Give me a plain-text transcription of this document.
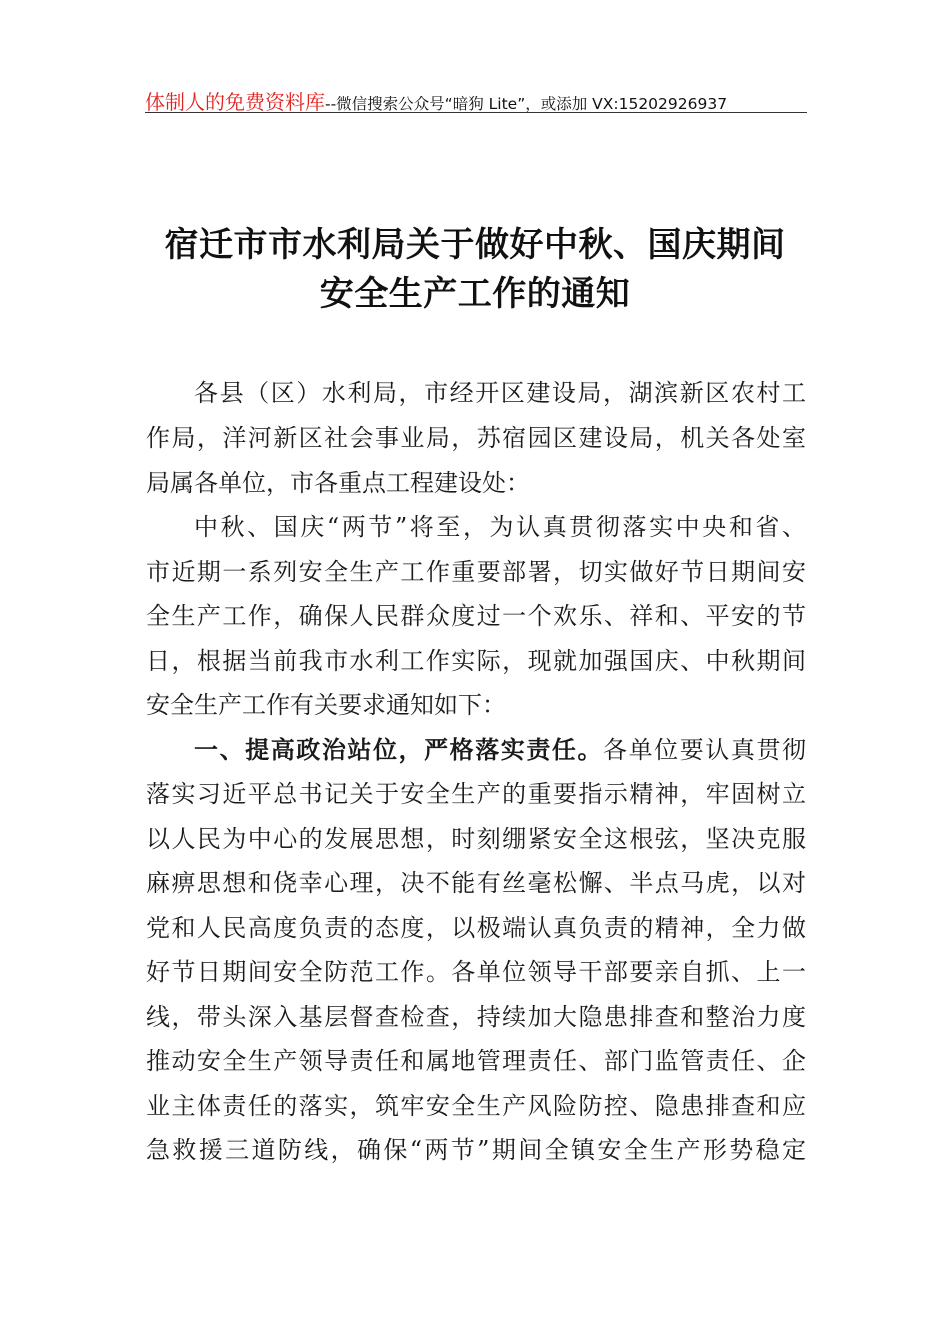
体制人的免费资料库--微信搜索公众号“暗狗 Lite”，或添加 VX:15202926937
宿迁市市水利局关于做好中秋、国庆期间
安全生产工作的通知
各县（区）水利局，市经开区建设局，湖滨新区农村工
作局，洋河新区社会事业局，苏宿园区建设局，机关各处室
局属各单位，市各重点工程建设处：
中秋、国庆“两节”将至，为认真贯彻落实中央和省、
市近期一系列安全生产工作重要部署，切实做好节日期间安
全生产工作，确保人民群众度过一个欢乐、祥和、平安的节
日，根据当前我市水利工作实际，现就加强国庆、中秋期间
安全生产工作有关要求通知如下：
一、提高政治站位，严格落实责任。各单位要认真贯彻
落实习近平总书记关于安全生产的重要指示精神，牢固树立
以人民为中心的发展思想，时刻绷紧安全这根弦，坚决克服
麻痹思想和侥幸心理，决不能有丝毫松懈、半点马虎，以对
党和人民高度负责的态度，以极端认真负责的精神，全力做
好节日期间安全防范工作。各单位领导干部要亲自抓、上一
线，带头深入基层督查检查，持续加大隐患排查和整治力度
推动安全生产领导责任和属地管理责任、部门监管责任、企
业主体责任的落实，筑牢安全生产风险防控、隐患排查和应
急救援三道防线，确保“两节”期间全镇安全生产形势稳定
